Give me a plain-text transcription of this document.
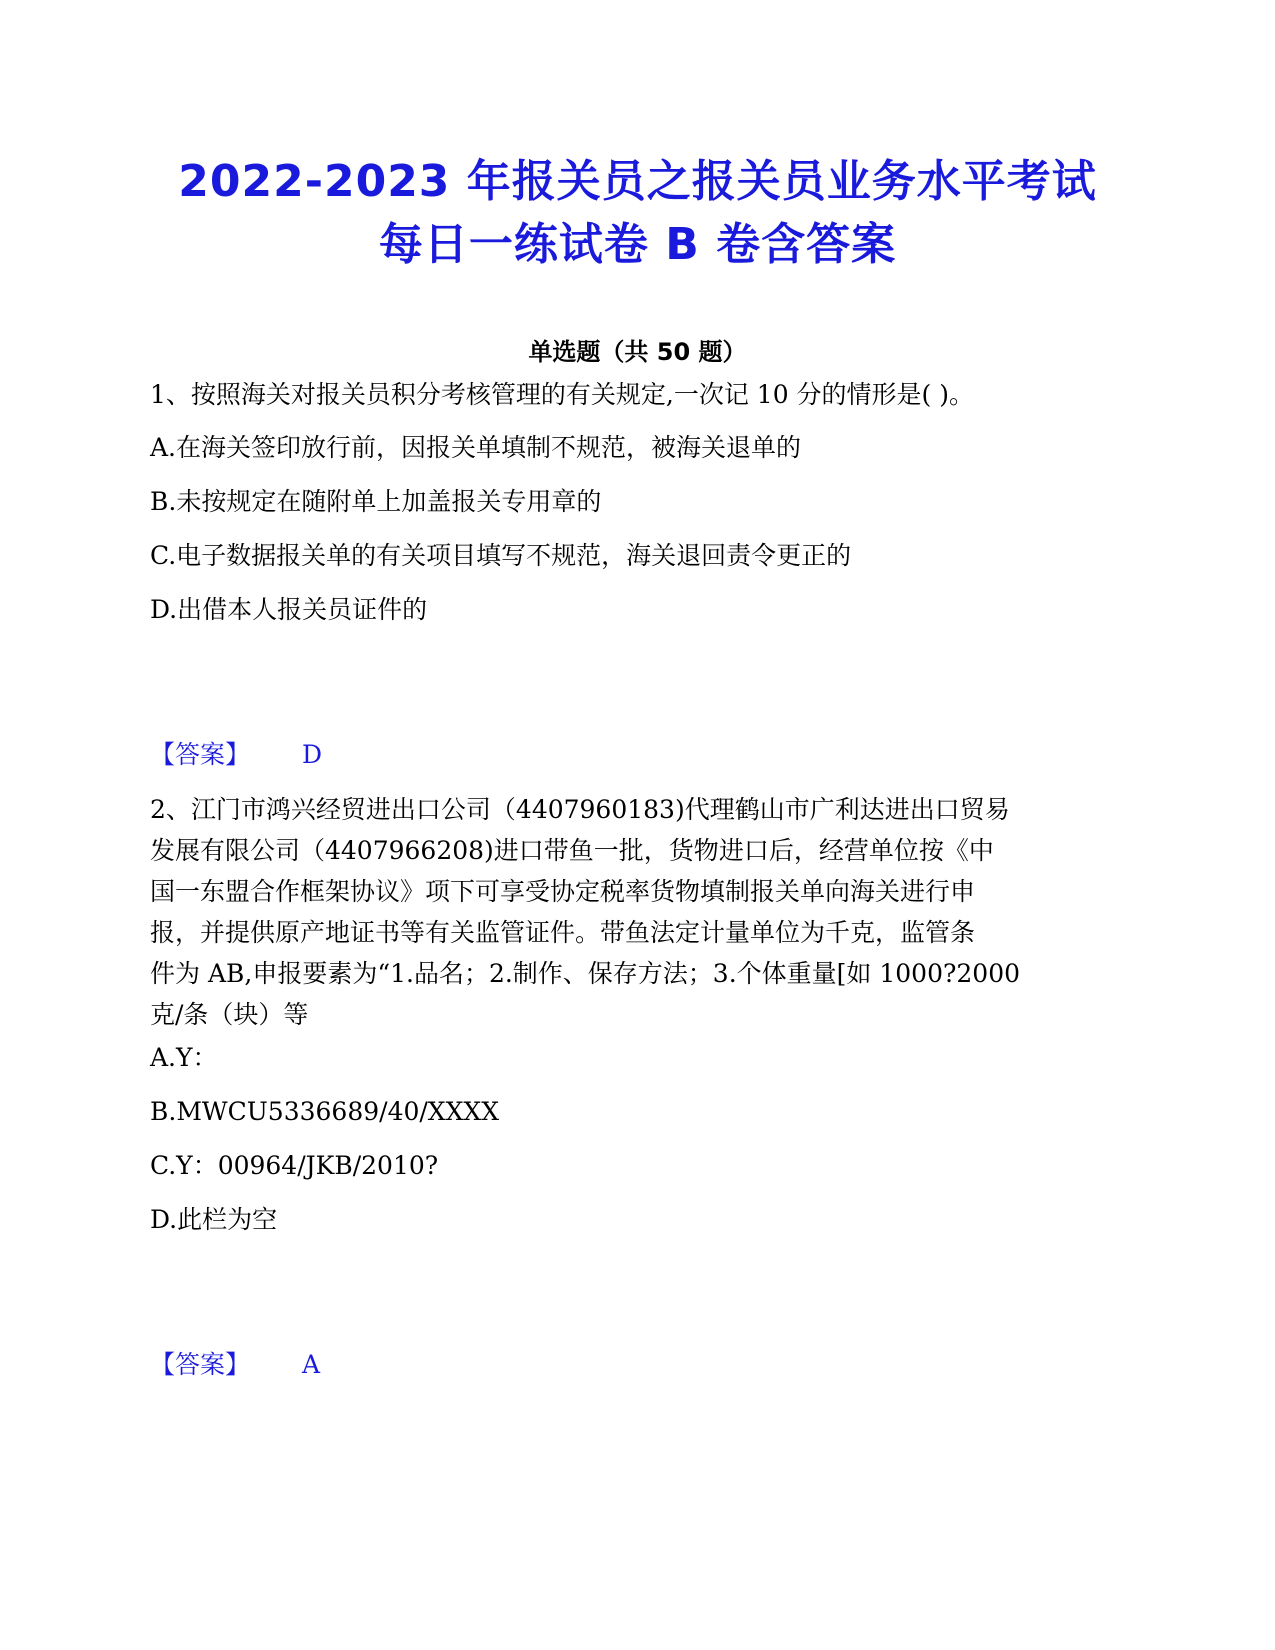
2022-2023 年报关员之报关员业务水平考试
每日一练试卷 B 卷含答案
单选题（共 50 题）
1、按照海关对报关员积分考核管理的有关规定,一次记 10 分的情形是( )。
A.在海关签印放行前，因报关单填制不规范，被海关退单的
B.未按规定在随附单上加盖报关专用章的
C.电子数据报关单的有关项目填写不规范，海关退回责令更正的
D.出借本人报关员证件的
【答案】 D
2、江门市鸿兴经贸进出口公司（4407960183)代理鹤山市广利达进出口贸易
发展有限公司（4407966208)进口带鱼一批，货物进口后，经营单位按《中
国一东盟合作框架协议》项下可享受协定税率货物填制报关单向海关进行申
报，并提供原产地证书等有关监管证件。带鱼法定计量单位为千克，监管条
件为 AB,申报要素为“1.品名；2.制作、保存方法；3.个体重量[如 1000?2000
克/条（块）等
A.Y：
B.MWCU5336689/40/XXXX
C.Y：00964/JKB/2010?
D.此栏为空
【答案】 A
